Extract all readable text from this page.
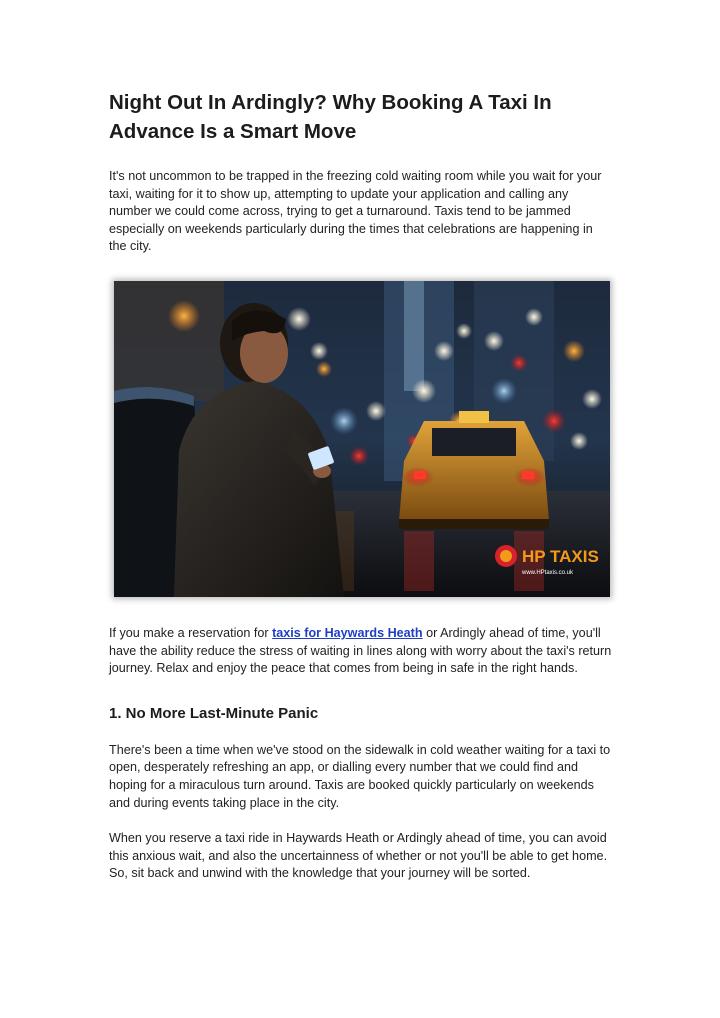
Night Out In Ardingly? Why Booking A Taxi In Advance Is a Smart Move

It's not uncommon to be trapped in the freezing cold waiting room while you wait for your taxi, waiting for it to show up, attempting to update your application and calling any number we could come across, trying to get a turnaround. Taxis tend to be jammed especially on weekends particularly during the times that celebrations are happening in the city.

HP TAXIS
www.HPtaxis.co.uk

If you make a reservation for taxis for Haywards Heath or Ardingly ahead of time, you'll have the ability reduce the stress of waiting in lines along with worry about the taxi's return journey. Relax and enjoy the peace that comes from being in safe in the right hands.

1. No More Last-Minute Panic

There's been a time when we've stood on the sidewalk in cold weather waiting for a taxi to open, desperately refreshing an app, or dialling every number that we could find and hoping for a miraculous turn around. Taxis are booked quickly particularly on weekends and during events taking place in the city.

When you reserve a taxi ride in Haywards Heath or Ardingly ahead of time, you can avoid this anxious wait, and also the uncertainness of whether or not you'll be able to get home. So, sit back and unwind with the knowledge that your journey will be sorted.
